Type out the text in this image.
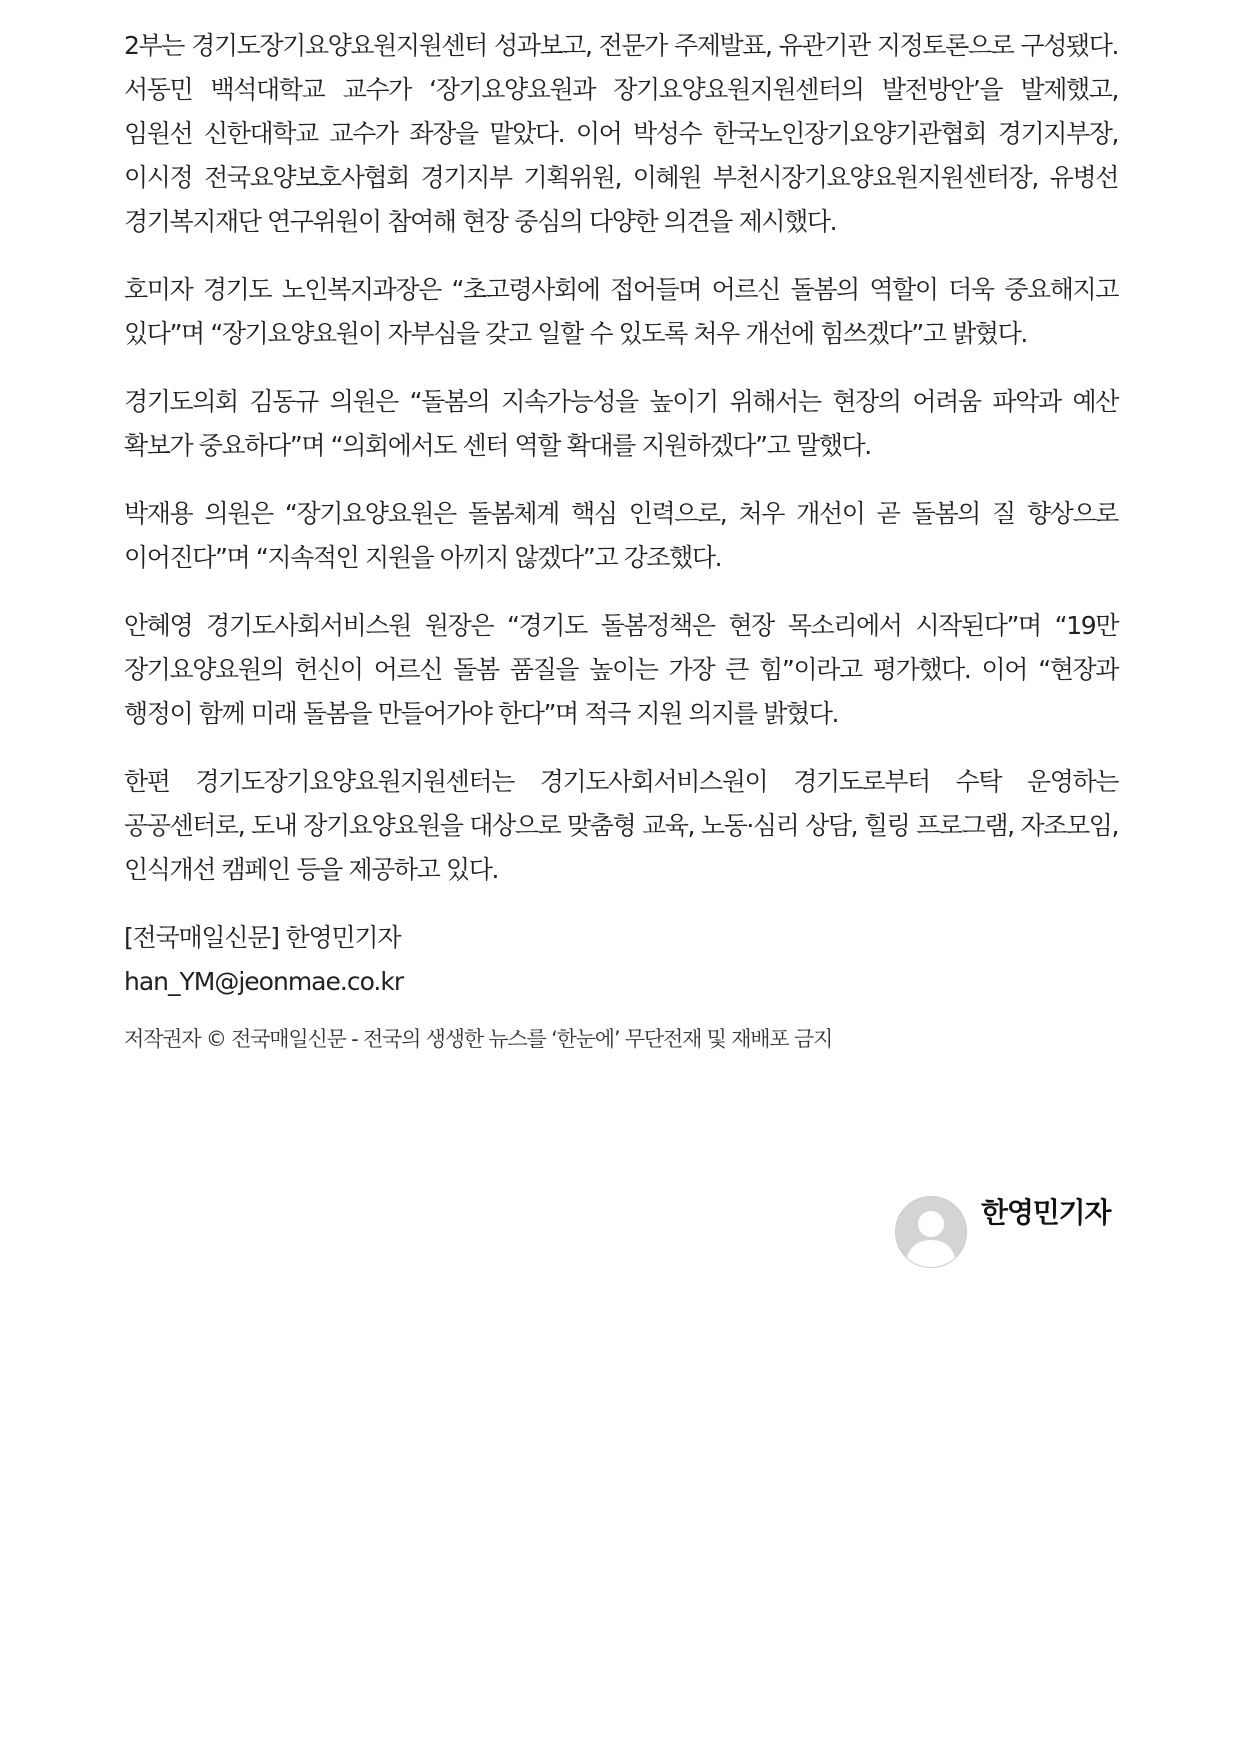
2부는 경기도장기요양요원지원센터 성과보고, 전문가 주제발표, 유관기관 지정토론으로 구성됐다. 서동민 백석대학교 교수가 ‘장기요양요원과 장기요양요원지원센터의 발전방안’을 발제했고, 임원선 신한대학교 교수가 좌장을 맡았다. 이어 박성수 한국노인장기요양기관협회 경기지부장, 이시정 전국요양보호사협회 경기지부 기획위원, 이혜원 부천시장기요양요원지원센터장, 유병선 경기복지재단 연구위원이 참여해 현장 중심의 다양한 의견을 제시했다.

호미자 경기도 노인복지과장은 “초고령사회에 접어들며 어르신 돌봄의 역할이 더욱 중요해지고 있다”며 “장기요양요원이 자부심을 갖고 일할 수 있도록 처우 개선에 힘쓰겠다”고 밝혔다.

경기도의회 김동규 의원은 “돌봄의 지속가능성을 높이기 위해서는 현장의 어려움 파악과 예산 확보가 중요하다”며 “의회에서도 센터 역할 확대를 지원하겠다”고 말했다.

박재용 의원은 “장기요양요원은 돌봄체계 핵심 인력으로, 처우 개선이 곧 돌봄의 질 향상으로 이어진다”며 “지속적인 지원을 아끼지 않겠다”고 강조했다.

안혜영 경기도사회서비스원 원장은 “경기도 돌봄정책은 현장 목소리에서 시작된다”며 “19만 장기요양요원의 헌신이 어르신 돌봄 품질을 높이는 가장 큰 힘”이라고 평가했다. 이어 “현장과 행정이 함께 미래 돌봄을 만들어가야 한다”며 적극 지원 의지를 밝혔다.

한편 경기도장기요양요원지원센터는 경기도사회서비스원이 경기도로부터 수탁 운영하는 공공센터로, 도내 장기요양요원을 대상으로 맞춤형 교육, 노동·심리 상담, 힐링 프로그램, 자조모임, 인식개선 캠페인 등을 제공하고 있다.

[전국매일신문] 한영민기자

han_YM@jeonmae.co.kr

저작권자 © 전국매일신문 - 전국의 생생한 뉴스를 ‘한눈에’ 무단전재 및 재배포 금지

한영민기자
